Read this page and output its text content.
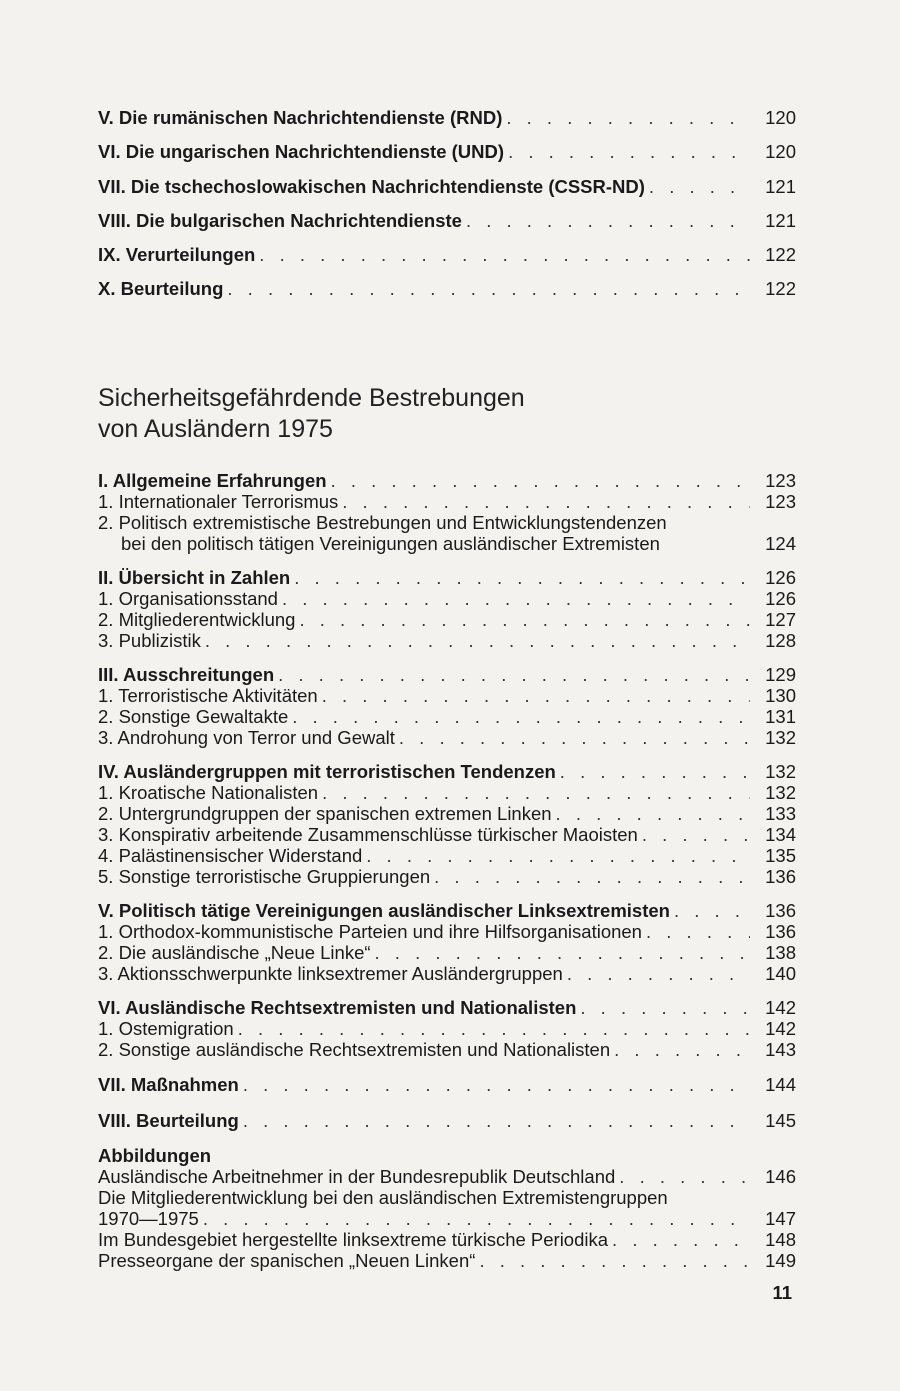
V. Die rumänischen Nachrichtendienste (RND) . . .	120
VI. Die ungarischen Nachrichtendienste (UND) . . .	120
VII. Die tschechoslowakischen Nachrichtendienste (CSSR-ND) . . .	121
VIII. Die bulgarischen Nachrichtendienste . . .	121
IX. Verurteilungen . . .	122
X. Beurteilung . . .	122
Sicherheitsgefährdende Bestrebungen
von Ausländern 1975
I. Allgemeine Erfahrungen . . .	123
1. Internationaler Terrorismus . . .	123
2. Politisch extremistische Bestrebungen und Entwicklungstendenzen
bei den politisch tätigen Vereinigungen ausländischer Extremisten	124
II. Übersicht in Zahlen . . .	126
1. Organisationsstand . . .	126
2. Mitgliederentwicklung . . .	127
3. Publizistik . . .	128
III. Ausschreitungen . . .	129
1. Terroristische Aktivitäten . . .	130
2. Sonstige Gewaltakte . . .	131
3. Androhung von Terror und Gewalt . . .	132
IV. Ausländergruppen mit terroristischen Tendenzen . . .	132
1. Kroatische Nationalisten . . .	132
2. Untergrundgruppen der spanischen extremen Linken . . .	133
3. Konspirativ arbeitende Zusammenschlüsse türkischer Maoisten . . .	134
4. Palästinensischer Widerstand . . .	135
5. Sonstige terroristische Gruppierungen . . .	136
V. Politisch tätige Vereinigungen ausländischer Linksextremisten . . .	136
1. Orthodox-kommunistische Parteien und ihre Hilfsorganisationen . . .	136
2. Die ausländische „Neue Linke“ . . .	138
3. Aktionsschwerpunkte linksextremer Ausländergruppen . . .	140
VI. Ausländische Rechtsextremisten und Nationalisten . . .	142
1. Ostemigration . . .	142
2. Sonstige ausländische Rechtsextremisten und Nationalisten . . .	143
VII. Maßnahmen . . .	144
VIII. Beurteilung . . .	145
Abbildungen
Ausländische Arbeitnehmer in der Bundesrepublik Deutschland . . .	146
Die Mitgliederentwicklung bei den ausländischen Extremistengruppen
1970—1975 . . .	147
Im Bundesgebiet hergestellte linksextreme türkische Periodika . . .	148
Presseorgane der spanischen „Neuen Linken“ . . .	149
11
